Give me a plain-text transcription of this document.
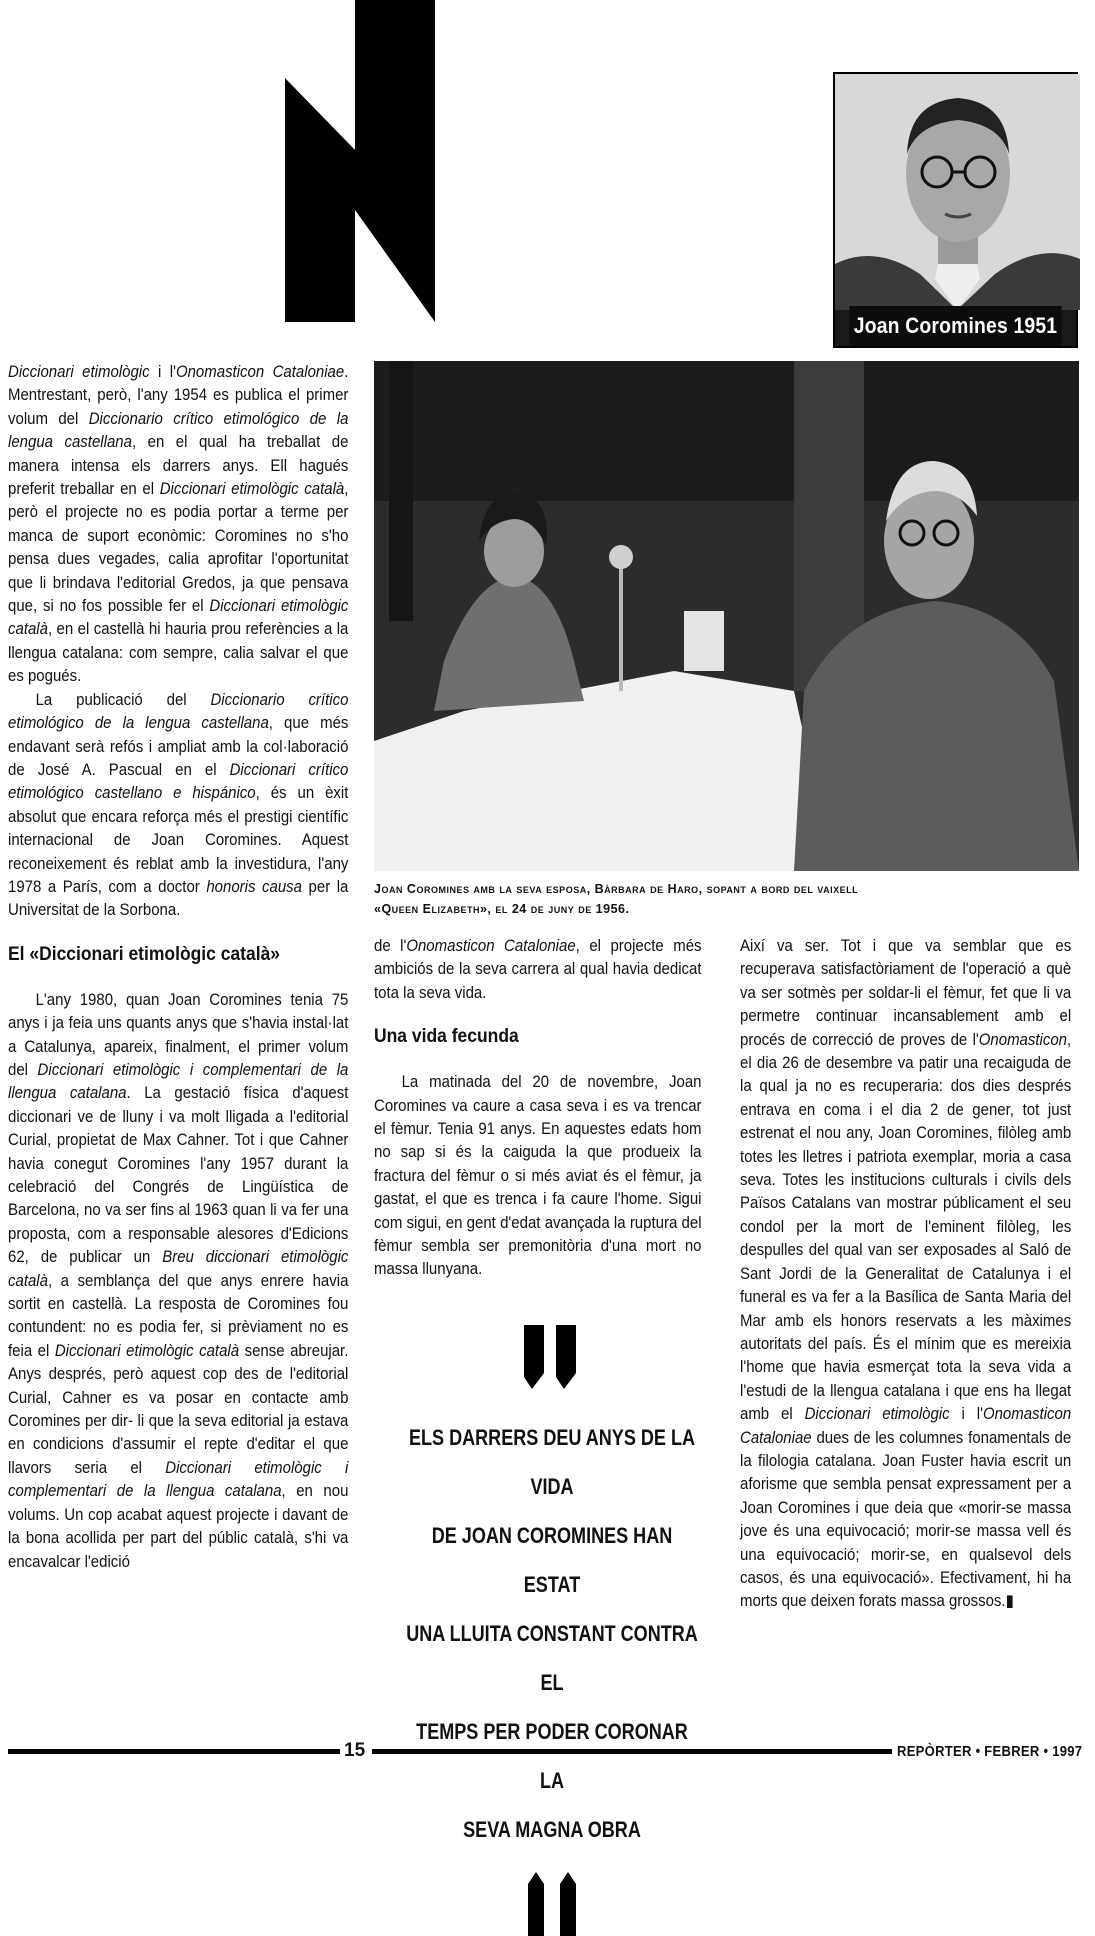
Joan Coromines 1951

Diccionari etimològic i l'Onomasticon Cataloniae. Mentrestant, però, l'any 1954 es publica el primer volum del Diccionario crítico etimológico de la lengua castellana, en el qual ha treballat de manera intensa els darrers anys. Ell hagués preferit treballar en el Diccionari etimològic català, però el projecte no es podia portar a terme per manca de suport econòmic: Coromines no s'ho pensa dues vegades, calia aprofitar l'oportunitat que li brindava l'editorial Gredos, ja que pensava que, si no fos possible fer el Diccionari etimològic català, en el castellà hi hauria prou referències a la llengua catalana: com sempre, calia salvar el que es pogués.

La publicació del Diccionario crítico etimológico de la lengua castellana, que més endavant serà refós i ampliat amb la col·laboració de José A. Pascual en el Diccionari crítico etimológico castellano e hispánico, és un èxit absolut que encara reforça més el prestigi científic internacional de Joan Coromines. Aquest reconeixement és reblat amb la investidura, l'any 1978 a París, com a doctor honoris causa per la Universitat de la Sorbona.

El «Diccionari etimològic català»

L'any 1980, quan Joan Coromines tenia 75 anys i ja feia uns quants anys que s'havia instal·lat a Catalunya, apareix, finalment, el primer volum del Diccionari etimològic i complementari de la llengua catalana. La gestació física d'aquest diccionari ve de lluny i va molt lligada a l'editorial Curial, propietat de Max Cahner. Tot i que Cahner havia conegut Coromines l'any 1957 durant la celebració del Congrés de Lingüística de Barcelona, no va ser fins al 1963 quan li va fer una proposta, com a responsable alesores d'Edicions 62, de publicar un Breu diccionari etimològic català, a semblança del que anys enrere havia sortit en castellà. La resposta de Coromines fou contundent: no es podia fer, si prèviament no es feia el Diccionari etimològic català sense abreujar. Anys després, però aquest cop des de l'editorial Curial, Cahner es va posar en contacte amb Coromines per dir- li que la seva editorial ja estava en condicions d'assumir el repte d'editar el que llavors seria el Diccionari etimològic i complementari de la llengua catalana, en nou volums. Un cop acabat aquest projecte i davant de la bona acollida per part del públic català, s'hi va encavalcar l'edició

Joan Coromines amb la seva esposa, Bàrbara de Haro, sopant a bord del vaixell
«Queen Elizabeth», el 24 de juny de 1956.

de l'Onomasticon Cataloniae, el projecte més ambiciós de la seva carrera al qual havia dedicat tota la seva vida.

Una vida fecunda

La matinada del 20 de novembre, Joan Coromines va caure a casa seva i es va trencar el fèmur. Tenia 91 anys. En aquestes edats hom no sap si és la caiguda la que produeix la fractura del fèmur o si més aviat és el fèmur, ja gastat, el que es trenca i fa caure l'home. Sigui com sigui, en gent d'edat avançada la ruptura del fèmur sembla ser premonitòria d'una mort no massa llunyana.

ELS DARRERS DEU ANYS DE LA VIDA
DE JOAN COROMINES HAN ESTAT
UNA LLUITA CONSTANT CONTRA EL
TEMPS PER PODER CORONAR LA
SEVA MAGNA OBRA

Així va ser. Tot i que va semblar que es recuperava satisfactòriament de l'operació a què va ser sotmès per soldar-li el fèmur, fet que li va permetre continuar incansablement amb el procés de correcció de proves de l'Onomasticon, el dia 26 de desembre va patir una recaiguda de la qual ja no es recuperaria: dos dies després entrava en coma i el dia 2 de gener, tot just estrenat el nou any, Joan Coromines, filòleg amb totes les lletres i patriota exemplar, moria a casa seva. Totes les institucions culturals i civils dels Països Catalans van mostrar públicament el seu condol per la mort de l'eminent filòleg, les despulles del qual van ser exposades al Saló de Sant Jordi de la Generalitat de Catalunya i el funeral es va fer a la Basílica de Santa Maria del Mar amb els honors reservats a les màximes autoritats del país. És el mínim que es mereixia l'home que havia esmerçat tota la seva vida a l'estudi de la llengua catalana i que ens ha llegat amb el Diccionari etimològic i l'Onomasticon Cataloniae dues de les columnes fonamentals de la filologia catalana. Joan Fuster havia escrit un aforisme que sembla pensat expressament per a Joan Coromines i que deia que «morir-se massa jove és una equivocació; morir-se massa vell és una equivocació; morir-se, en qualsevol dels casos, és una equivocació». Efectivament, hi ha morts que deixen forats massa grossos.▮

15	REPÒRTER • FEBRER • 1997
